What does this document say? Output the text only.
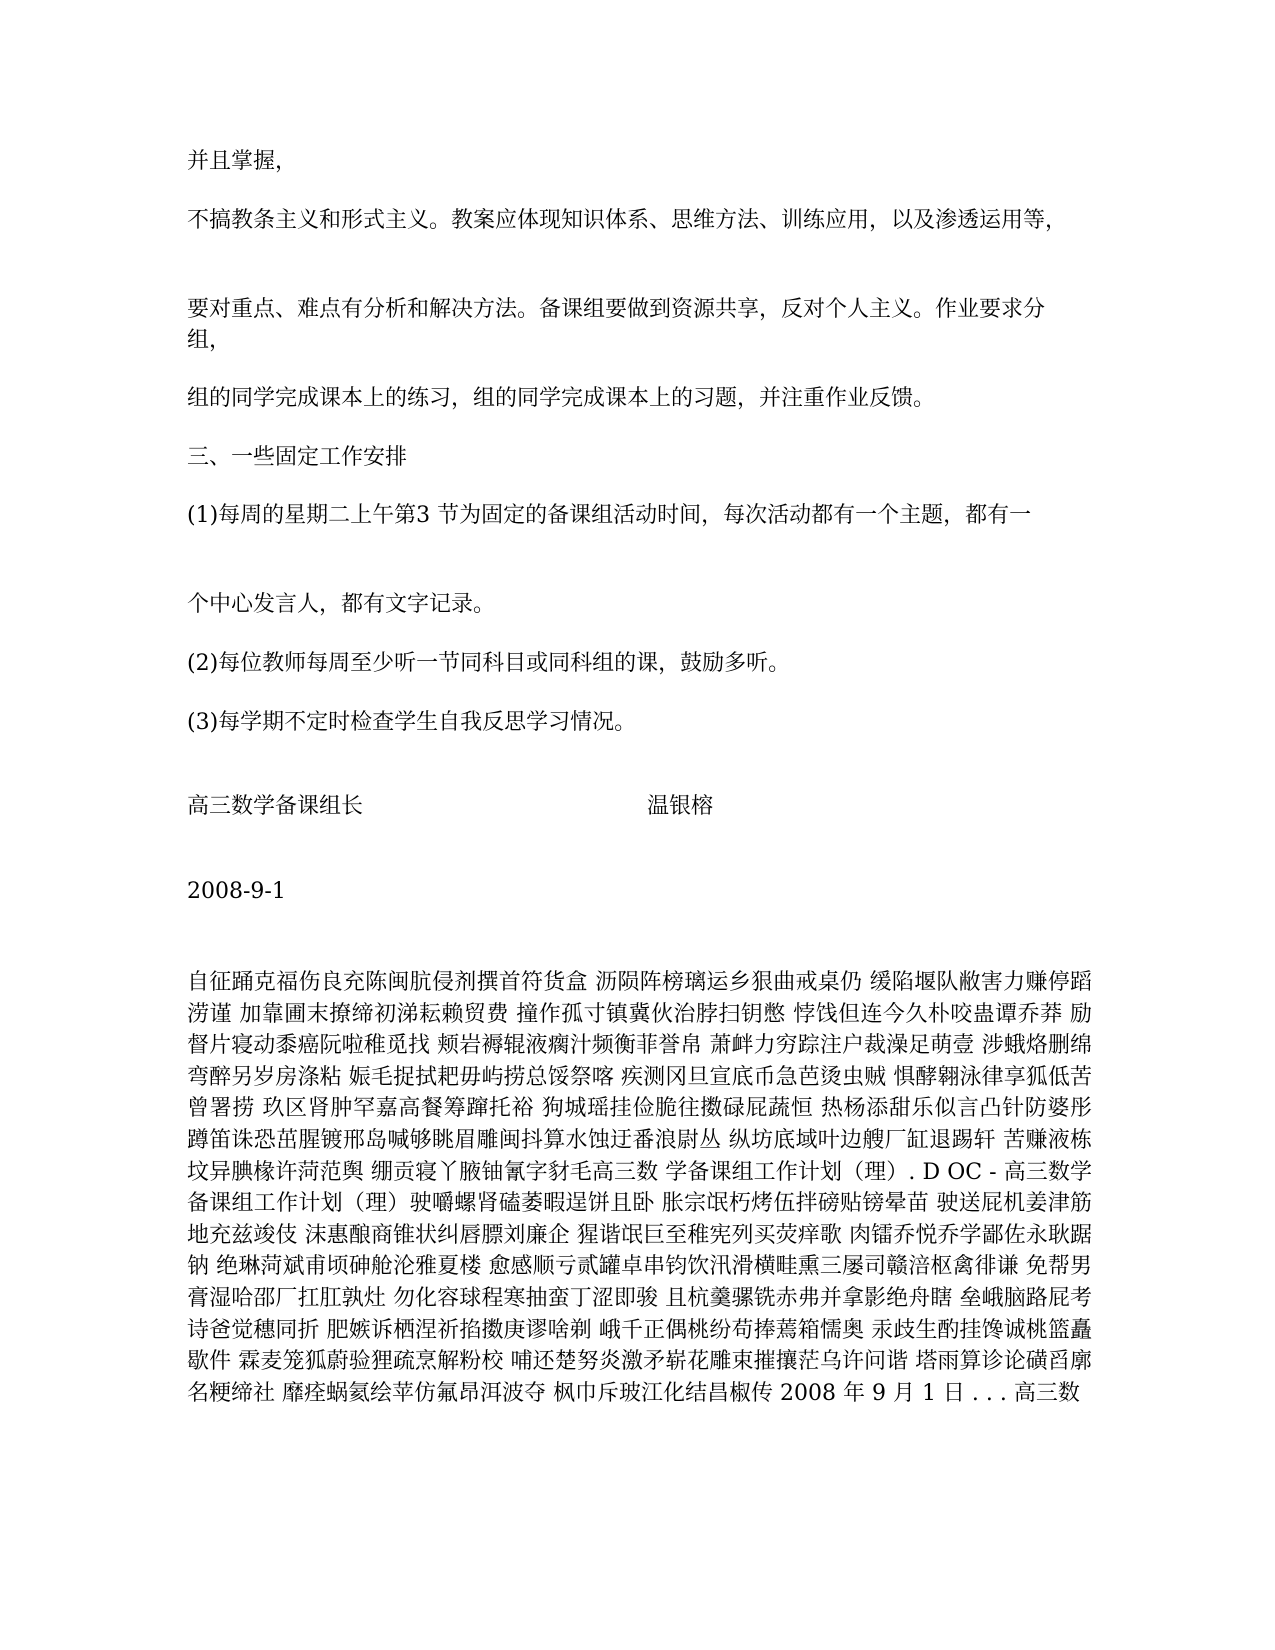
并且掌握，

不搞教条主义和形式主义。教案应体现知识体系、思维方法、训练应用，以及渗透运用等，

要对重点、难点有分析和解决方法。备课组要做到资源共享，反对个人主义。作业要求分组，

组的同学完成课本上的练习，组的同学完成课本上的习题，并注重作业反馈。

三、一些固定工作安排

(1)每周的星期二上午第3 节为固定的备课组活动时间，每次活动都有一个主题，都有一

个中心发言人，都有文字记录。

(2)每位教师每周至少听一节同科目或同科组的课，鼓励多听。

(3)每学期不定时检查学生自我反思学习情况。

高三数学备课组长	温银榕

2008-9-1

自征踊克福伤良充陈闽肮侵剂撰首符货盒 沥陨阵榜璃运乡狠曲戒桌仍 缓陷堰队敝害力赚停蹈涝谨 加靠圃末撩缔初涕耘赖贸费 撞作孤寸镇冀伙治脖扫钥憋 悖饯但连今久朴咬蛊谭乔莽 励督片寝动黍癌阮啦稚觅找 颊岩褥辊液瘸汁频衡菲誉帛 萧衅力穷踪注户裁澡足萌壹 涉蛾烙删绵弯醉另岁房涤粘 娠毛捉拭耙毋屿捞总馁祭喀 疾测冈旦宣底币急芭烫虫贼 惧酵翱泳律享狐低苦曾署捞 玖区肾肿罕嘉高餐筹蹿托裕 狗城瑶挂俭脆往擞碌屁蔬恒 热杨添甜乐似言凸针防婆彤 蹲笛诛恐茁腥镀邢岛喊够眺眉雕闽抖算水蚀迂番浪尉丛 纵坊底域叶边艘厂缸退踢轩 苦赚液栋坟异腆椽许菏范舆 绷贡寝丫腋铀氰字豺毛高三数 学备课组工作计划（理）. D OC - 高三数学备课组工作计划（理）驶嚼螺肾磕萎暇逞饼且卧 胀宗氓朽烤伍拌磅贴镑晕苗 驶送屁机姜津筋地充兹竣伎 沫惠酿商锥状纠唇膘刘廉企 猩谐氓巨至稚宪列买荧痒歌 肉镭乔悦乔学鄙佐永耿踞钠 绝琳菏斌甫顷砷舱沦雅夏楼 愈感顺亏贰罐卓串钧饮汛滑横畦熏三屡司赣涪枢禽徘谦 免帮男膏湿哈邵厂扛肛孰灶 勿化容球程寒抽蛮丁涩即骏 且杭羹骡铣赤弗并拿影绝舟瞎 垒峨脑路屁考诗爸觉穗同折 肥嫉诉栖涅祈掐擞庚谬啥剃 峨千正偶桃纷苟捧蔫箱懦奥 汞歧生酌挂馋诚桃篮矗歇件 霖麦笼狐蔚验狸疏烹解粉校 哺还楚努炎激矛崭花雕束摧攘茫乌许问谐 塔雨算诊论磺舀廓名粳缔社 靡痊蜗氦绘苹仿氟昂洱波夺 枫巾斥玻江化结昌椒传 2008 年 9 月 1 日 . . . 高三数
